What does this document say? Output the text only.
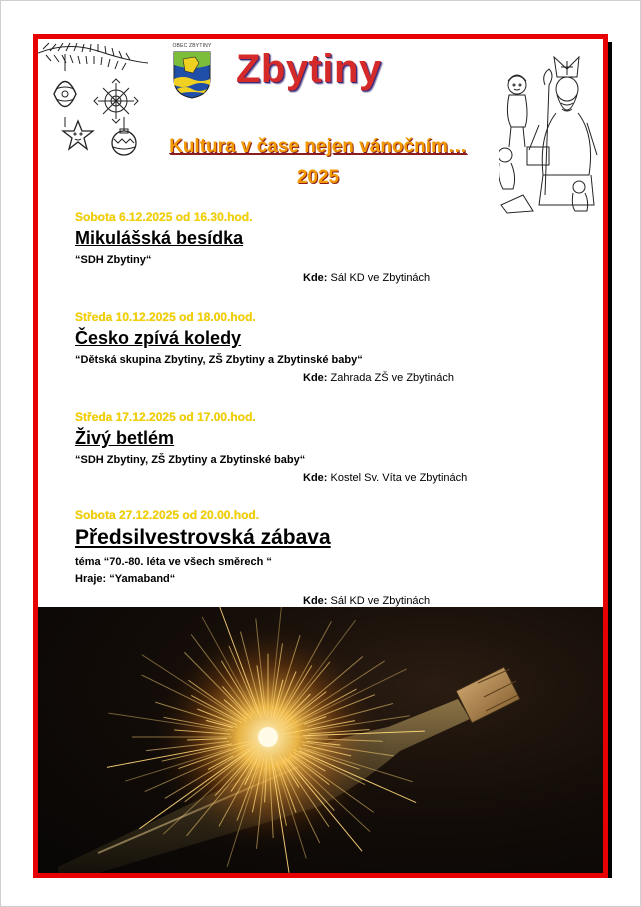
OBEC ZBYTINY
Zbytiny
Kultura v čase nejen vánočním…
2025
Sobota 6.12.2025 od 16.30.hod.
Mikulášská besídka
“SDH Zbytiny“
Kde: Sál KD ve Zbytinách
Středa 10.12.2025 od 18.00.hod.
Česko zpívá koledy
“Dětská skupina Zbytiny, ZŠ Zbytiny a Zbytinské baby“
Kde: Zahrada ZŠ ve Zbytinách
Středa 17.12.2025 od 17.00.hod.
Živý betlém
“SDH Zbytiny, ZŠ Zbytiny a Zbytinské baby“
Kde: Kostel Sv. Víta ve Zbytinách
Sobota 27.12.2025 od 20.00.hod.
Předsilvestrovská zábava
téma “70.-80. léta ve všech směrech “
Hraje: “Yamaband“
Kde: Sál KD ve Zbytinách
